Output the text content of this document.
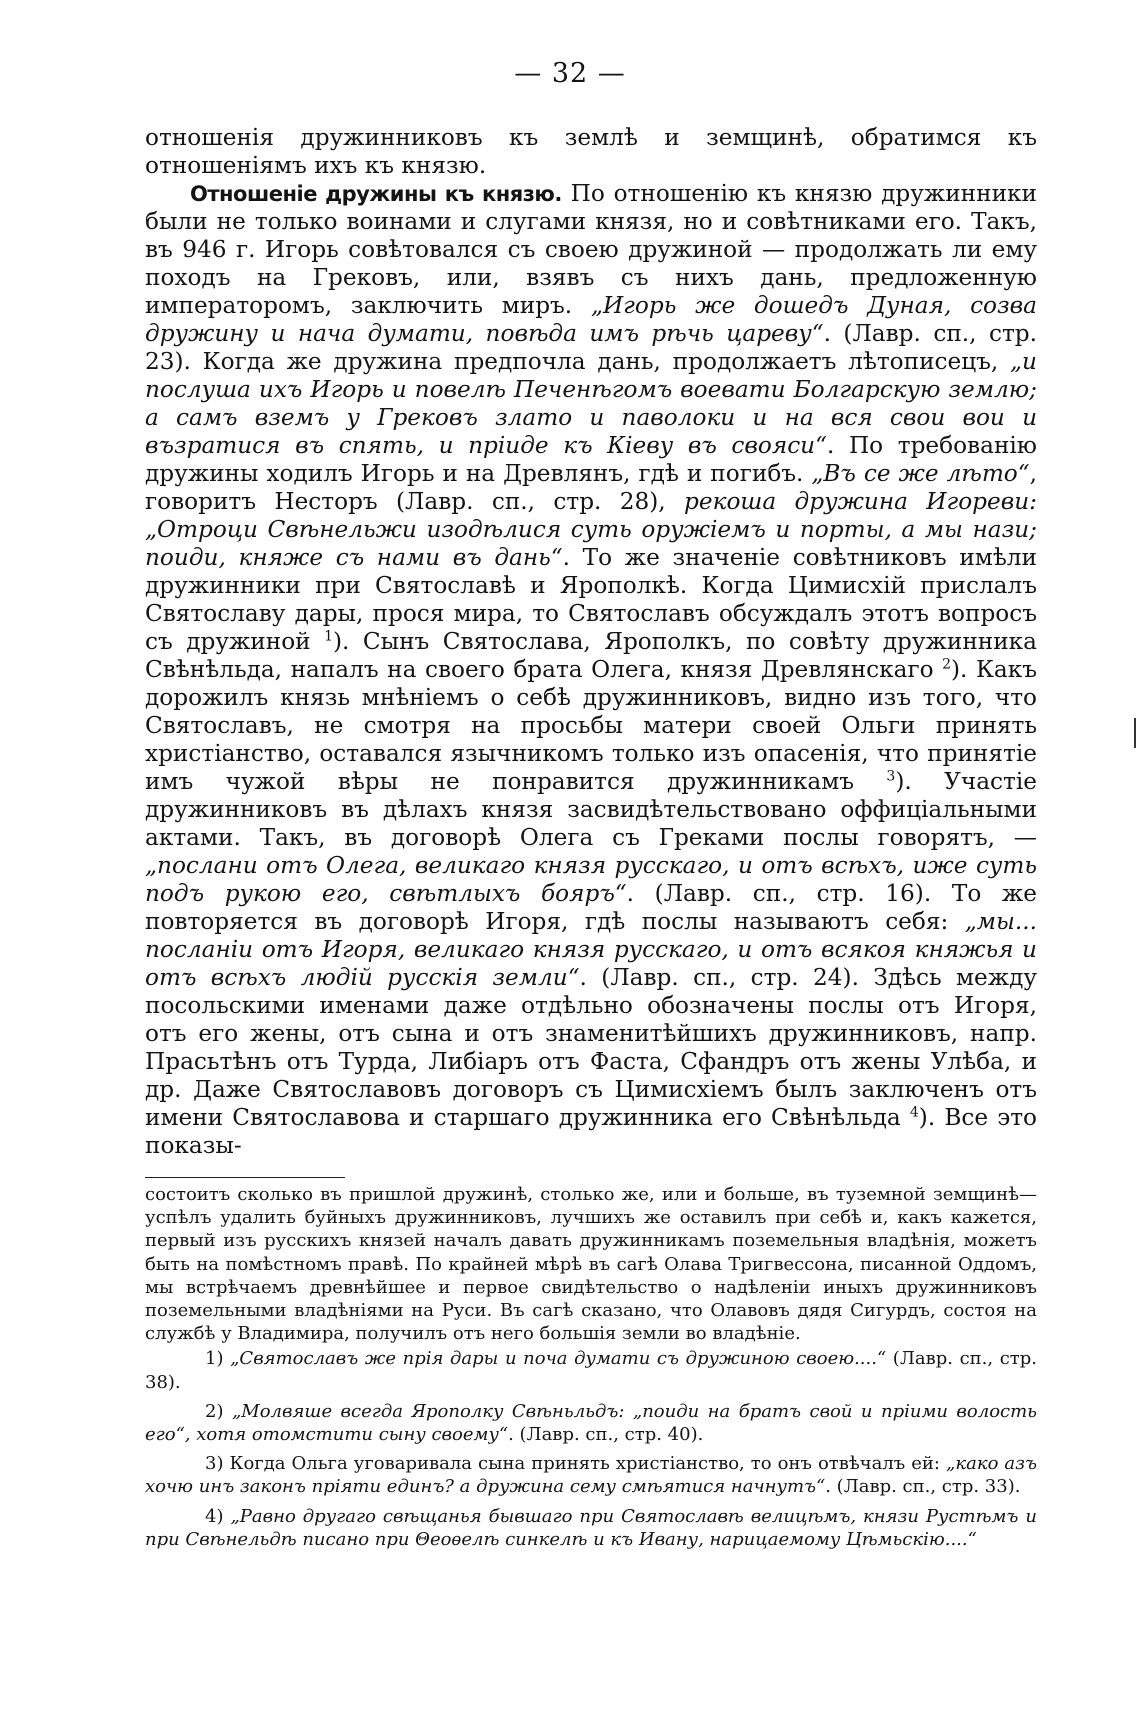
— 32 —

отношенія дружинниковъ къ землѣ и земщинѣ, обратимся къ отношеніямъ ихъ къ князю.

Отношеніе дружины къ князю. По отношенію къ князю дружинники были не только воинами и слугами князя, но и совѣтниками его. Такъ, въ 946 г. Игорь совѣтовался съ своею дружиной — продолжать ли ему походъ на Грековъ, или, взявъ съ нихъ дань, предложенную императоромъ, заключить миръ. „Игорь же дошедъ Дуная, созва дружину и нача думати, повѣда имъ рѣчь цареву“. (Лавр. сп., стр. 23). Когда же дружина предпочла дань, продолжаетъ лѣтописецъ, „и послуша ихъ Игорь и повелѣ Печенѣгомъ воевати Болгарскую землю; а самъ вземъ у Грековъ злато и паволоки и на вся свои вои и възратися въ спять, и пріиде къ Кіеву въ свояси“. По требованію дружины ходилъ Игорь и на Древлянъ, гдѣ и погибъ. „Въ се же лѣто“, говоритъ Несторъ (Лавр. сп., стр. 28), рекоша дружина Игореви: „Отроци Свѣнельжи изодѣлися суть оружіемъ и порты, а мы нази; поиди, княже съ нами въ дань“. То же значеніе совѣтниковъ имѣли дружинники при Святославѣ и Ярополкѣ. Когда Цимисхій прислалъ Святославу дары, прося мира, то Святославъ обсуждалъ этотъ вопросъ съ дружиной $^1$). Сынъ Святослава, Ярополкъ, по совѣту дружинника Свѣнѣльда, напалъ на своего брата Олега, князя Древлянскаго $^2$). Какъ дорожилъ князь мнѣніемъ о себѣ дружинниковъ, видно изъ того, что Святославъ, не смотря на просьбы матери своей Ольги принять христіанство, оставался язычникомъ только изъ опасенія, что принятіе имъ чужой вѣры не понравится дружинникамъ $^3$). Участіе дружинниковъ въ дѣлахъ князя засвидѣтельствовано оффиціальными актами. Такъ, въ договорѣ Олега съ Греками послы говорятъ, — „послани отъ Олега, великаго князя русскаго, и отъ всѣхъ, иже суть подъ рукою его, свѣтлыхъ бояръ“. (Лавр. сп., стр. 16). То же повторяется въ договорѣ Игоря, гдѣ послы называютъ себя: „мы... посланіи отъ Игоря, великаго князя русскаго, и отъ всякоя княжья и отъ всѣхъ людій русскія земли“. (Лавр. сп., стр. 24). Здѣсь между посольскими именами даже отдѣльно обозначены послы отъ Игоря, отъ его жены, отъ сына и отъ знаменитѣйшихъ дружинниковъ, напр. Прасьтѣнъ отъ Турда, Либіаръ отъ Фаста, Сфандръ отъ жены Улѣба, и др. Даже Святославовъ договоръ съ Цимисхіемъ былъ заключенъ отъ имени Святославова и старшаго дружинника его Свѣнѣльда $^4$). Все это показы-

состоитъ сколько въ пришлой дружинѣ, столько же, или и больше, въ туземной земщинѣ—успѣлъ удалить буйныхъ дружинниковъ, лучшихъ же оставилъ при себѣ и, какъ кажется, первый изъ русскихъ князей началъ давать дружинникамъ поземельныя владѣнія, можетъ быть на помѣстномъ правѣ. По крайней мѣрѣ въ сагѣ Олава Тригвессона, писанной Оддомъ, мы встрѣчаемъ древнѣйшее и первое свидѣтельство о надѣленіи иныхъ дружинниковъ поземельными владѣніями на Руси. Въ сагѣ сказано, что Олавовъ дядя Сигурдъ, состоя на службѣ у Владимира, получилъ отъ него большія земли во владѣніе.

1) „Святославъ же прія дары и поча думати съ дружиною своею....“ (Лавр. сп., стр. 38).

2) „Молвяше всегда Ярополку Свѣньльдъ: „поиди на братъ свой и пріими волость его“, хотя отомстити сыну своему“. (Лавр. сп., стр. 40).

3) Когда Ольга уговаривала сына принять христіанство, то онъ отвѣчалъ ей: „како азъ хочю инъ законъ пріяти единъ? а дружина сему смѣятися начнутъ“. (Лавр. сп., стр. 33).

4) „Равно другаго свѣщанья бывшаго при Святославѣ велицѣмъ, князи Рустѣмъ и при Свѣнельдѣ писано при Θеоѳелѣ синкелѣ и къ Ивану, нарицаемому Цѣмьскію....“
